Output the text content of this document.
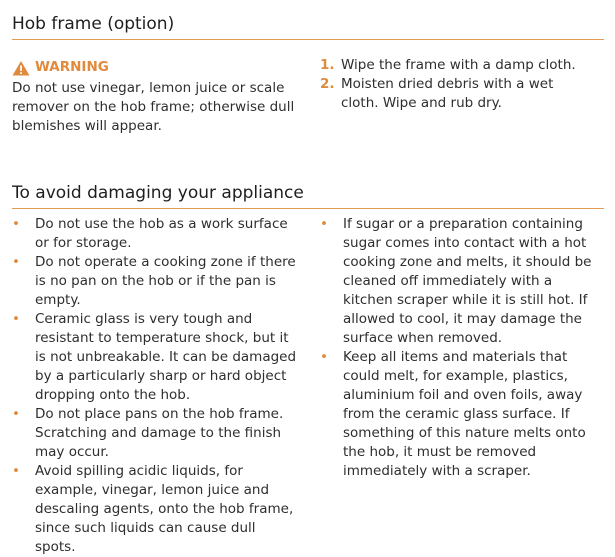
Hob frame (option)
WARNING

Do not use vinegar, lemon juice or scale remover on the hob frame; otherwise dull blemishes will appear.

1. Wipe the frame with a damp cloth.
2. Moisten dried debris with a wet cloth. Wipe and rub dry.
To avoid damaging your appliance
•	Do not use the hob as a work surface or for storage.
•	Do not operate a cooking zone if there is no pan on the hob or if the pan is empty.
•	Ceramic glass is very tough and resistant to temperature shock, but it is not unbreakable. It can be damaged by a particularly sharp or hard object dropping onto the hob.
•	Do not place pans on the hob frame. Scratching and damage to the finish may occur.
•	Avoid spilling acidic liquids, for example, vinegar, lemon juice and descaling agents, onto the hob frame, since such liquids can cause dull spots.
•	If sugar or a preparation containing sugar comes into contact with a hot cooking zone and melts, it should be cleaned off immediately with a kitchen scraper while it is still hot. If allowed to cool, it may damage the surface when removed.
•	Keep all items and materials that could melt, for example, plastics, aluminium foil and oven foils, away from the ceramic glass surface. If something of this nature melts onto the hob, it must be removed immediately with a scraper.
